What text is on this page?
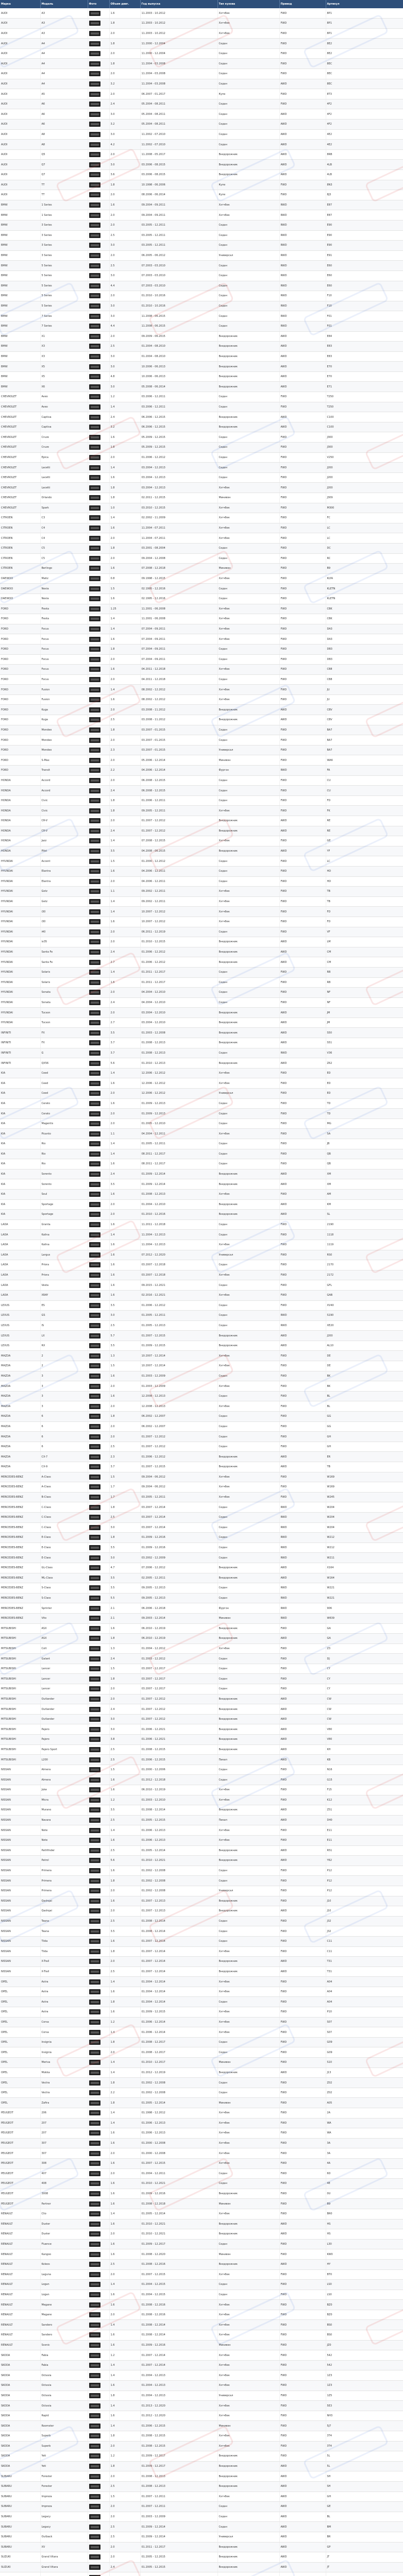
Марка	Модель	Фото	Объем двиг.	Год выпуска	Тип кузова	Привод	Артикул
AUDI	A3		1.6	11.2003 - 10.2012	Хэтчбек	FWD	8P1
AUDI	A3		1.8	11.2003 - 10.2012	Хэтчбек	FWD	8P1
AUDI	A3		2.0	11.2003 - 10.2012	Хэтчбек	FWD	8P1
AUDI	A4		1.8	11.2000 - 12.2004	Седан	FWD	8E2
AUDI	A4		2.0	11.2000 - 12.2004	Седан	FWD	8E2
AUDI	A4		1.8	11.2004 - 03.2008	Седан	FWD	8EC
AUDI	A4		2.0	11.2004 - 03.2008	Седан	FWD	8EC
AUDI	A4		3.2	11.2004 - 03.2008	Седан	AWD	8EC
AUDI	A5		2.0	06.2007 - 01.2017	Купе	FWD	8T3
AUDI	A6		2.4	05.2004 - 08.2011	Седан	FWD	4F2
AUDI	A6		3.0	05.2004 - 08.2011	Седан	AWD	4F2
AUDI	A6		3.2	05.2004 - 08.2011	Седан	AWD	4F2
AUDI	A8		3.0	11.2002 - 07.2010	Седан	AWD	4E2
AUDI	A8		4.2	11.2002 - 07.2010	Седан	AWD	4E2
AUDI	Q5		2.0	11.2008 - 05.2017	Внедорожник	AWD	8RB
AUDI	Q7		3.0	03.2006 - 08.2015	Внедорожник	AWD	4LB
AUDI	Q7		3.6	03.2006 - 08.2015	Внедорожник	AWD	4LB
AUDI	TT		1.8	10.1998 - 06.2006	Купе	FWD	8N3
AUDI	TT		2.0	08.2006 - 06.2014	Купе	FWD	8J3
BMW	1 Series		1.6	09.2004 - 09.2011	Хэтчбек	RWD	E87
BMW	1 Series		2.0	09.2004 - 09.2011	Хэтчбек	RWD	E87
BMW	3 Series		2.0	03.2005 - 12.2011	Седан	RWD	E90
BMW	3 Series		2.5	03.2005 - 12.2011	Седан	RWD	E90
BMW	3 Series		3.0	03.2005 - 12.2011	Седан	RWD	E90
BMW	3 Series		2.0	06.2005 - 06.2012	Универсал	RWD	E91
BMW	5 Series		2.5	07.2003 - 03.2010	Седан	RWD	E60
BMW	5 Series		3.0	07.2003 - 03.2010	Седан	RWD	E60
BMW	5 Series		4.4	07.2003 - 03.2010	Седан	RWD	E60
BMW	5 Series		2.0	01.2010 - 10.2016	Седан	RWD	F10
BMW	5 Series		3.0	01.2010 - 10.2016	Седан	RWD	F10
BMW	7 Series		3.0	11.2008 - 06.2015	Седан	RWD	F01
BMW	7 Series		4.4	11.2008 - 06.2015	Седан	RWD	F01
BMW	X1		2.0	09.2009 - 06.2015	Внедорожник	AWD	E84
BMW	X3		2.5	01.2004 - 08.2010	Внедорожник	AWD	E83
BMW	X3		3.0	01.2004 - 08.2010	Внедорожник	AWD	E83
BMW	X5		3.0	10.2006 - 06.2013	Внедорожник	AWD	E70
BMW	X5		4.8	10.2006 - 06.2013	Внедорожник	AWD	E70
BMW	X6		3.0	05.2008 - 06.2014	Внедорожник	AWD	E71
CHEVROLET	Aveo		1.2	03.2006 - 12.2011	Седан	FWD	T250
CHEVROLET	Aveo		1.4	03.2006 - 12.2011	Седан	FWD	T250
CHEVROLET	Captiva		2.4	06.2006 - 12.2015	Внедорожник	AWD	C100
CHEVROLET	Captiva		3.2	06.2006 - 12.2015	Внедорожник	AWD	C100
CHEVROLET	Cruze		1.6	05.2009 - 12.2015	Седан	FWD	J300
CHEVROLET	Cruze		1.8	05.2009 - 12.2015	Седан	FWD	J300
CHEVROLET	Epica		2.0	01.2006 - 12.2012	Седан	FWD	V250
CHEVROLET	Lacetti		1.4	03.2004 - 12.2013	Седан	FWD	J200
CHEVROLET	Lacetti		1.6	03.2004 - 12.2013	Седан	FWD	J200
CHEVROLET	Lacetti		1.8	03.2004 - 12.2013	Хэтчбек	FWD	J200
CHEVROLET	Orlando		1.8	02.2011 - 12.2015	Минивэн	FWD	J309
CHEVROLET	Spark		1.0	03.2010 - 12.2015	Хэтчбек	FWD	M300
CITROEN	C3		1.4	02.2002 - 11.2009	Хэтчбек	FWD	FC
CITROEN	C4		1.6	11.2004 - 07.2011	Хэтчбек	FWD	LC
CITROEN	C4		2.0	11.2004 - 07.2011	Хэтчбек	FWD	LC
CITROEN	C5		1.8	03.2001 - 08.2004	Седан	FWD	DC
CITROEN	C5		2.0	09.2004 - 12.2008	Седан	FWD	RC
CITROEN	Berlingo		1.6	07.2008 - 12.2018	Минивэн	FWD	B9
DAEWOO	Matiz		0.8	09.1998 - 12.2015	Хэтчбек	FWD	KLYA
DAEWOO	Nexia		1.5	02.1995 - 12.2016	Седан	FWD	KLETN
DAEWOO	Nexia		1.6	02.1995 - 12.2016	Седан	FWD	KLETN
FORD	Fiesta		1.25	11.2001 - 06.2008	Хэтчбек	FWD	CBK
FORD	Fiesta		1.4	11.2001 - 06.2008	Хэтчбек	FWD	CBK
FORD	Focus		1.4	07.2004 - 09.2011	Хэтчбек	FWD	DA3
FORD	Focus		1.6	07.2004 - 09.2011	Хэтчбек	FWD	DA3
FORD	Focus		1.8	07.2004 - 09.2011	Седан	FWD	DB3
FORD	Focus		2.0	07.2004 - 09.2011	Седан	FWD	DB3
FORD	Focus		1.6	04.2011 - 12.2018	Хэтчбек	FWD	CB8
FORD	Focus		2.0	04.2011 - 12.2018	Седан	FWD	CB8
FORD	Fusion		1.4	08.2002 - 12.2012	Хэтчбек	FWD	JU
FORD	Fusion		1.6	08.2002 - 12.2012	Хэтчбек	FWD	JU
FORD	Kuga		2.0	03.2008 - 11.2012	Внедорожник	AWD	CBV
FORD	Kuga		2.5	03.2008 - 11.2012	Внедорожник	AWD	CBV
FORD	Mondeo		1.8	03.2007 - 01.2015	Седан	FWD	BA7
FORD	Mondeo		2.0	03.2007 - 01.2015	Седан	FWD	BA7
FORD	Mondeo		2.3	03.2007 - 01.2015	Универсал	FWD	BA7
FORD	S-Max		2.0	05.2006 - 12.2014	Минивэн	FWD	WA6
FORD	Transit		2.2	04.2006 - 12.2014	Фургон	RWD	FA
HONDA	Accord		2.0	06.2008 - 12.2015	Седан	FWD	CU
HONDA	Accord		2.4	06.2008 - 12.2015	Седан	FWD	CU
HONDA	Civic		1.8	01.2006 - 12.2011	Седан	FWD	FD
HONDA	Civic		1.8	09.2005 - 12.2011	Хэтчбек	FWD	FK
HONDA	CR-V		2.0	01.2007 - 12.2012	Внедорожник	AWD	RE
HONDA	CR-V		2.4	01.2007 - 12.2012	Внедорожник	AWD	RE
HONDA	Jazz		1.4	07.2008 - 12.2015	Хэтчбек	FWD	GE
HONDA	Pilot		3.5	04.2008 - 06.2015	Внедорожник	AWD	YF
HYUNDAI	Accent		1.5	01.2000 - 12.2012	Седан	FWD	LC
HYUNDAI	Elantra		1.6	04.2006 - 12.2011	Седан	FWD	HD
HYUNDAI	Elantra		2.0	04.2006 - 12.2011	Седан	FWD	HD
HYUNDAI	Getz		1.1	09.2002 - 12.2011	Хэтчбек	FWD	TB
HYUNDAI	Getz		1.4	09.2002 - 12.2011	Хэтчбек	FWD	TB
HYUNDAI	i30		1.4	10.2007 - 12.2012	Хэтчбек	FWD	FD
HYUNDAI	i30		1.6	10.2007 - 12.2012	Хэтчбек	FWD	FD
HYUNDAI	i40		2.0	06.2011 - 12.2019	Седан	FWD	VF
HYUNDAI	ix35		2.0	01.2010 - 12.2015	Внедорожник	AWD	LM
HYUNDAI	Santa Fe		2.4	01.2006 - 12.2012	Внедорожник	AWD	CM
HYUNDAI	Santa Fe		2.7	01.2006 - 12.2012	Внедорожник	AWD	CM
HYUNDAI	Solaris		1.4	01.2011 - 12.2017	Седан	FWD	RB
HYUNDAI	Solaris		1.6	01.2011 - 12.2017	Седан	FWD	RB
HYUNDAI	Sonata		2.0	04.2004 - 12.2010	Седан	FWD	NF
HYUNDAI	Sonata		2.4	04.2004 - 12.2010	Седан	FWD	NF
HYUNDAI	Tucson		2.0	03.2004 - 12.2010	Внедорожник	AWD	JM
HYUNDAI	Tucson		2.7	03.2004 - 12.2010	Внедорожник	AWD	JM
INFINITI	FX		3.5	01.2003 - 12.2008	Внедорожник	AWD	S50
INFINITI	FX		3.7	01.2008 - 12.2013	Внедорожник	AWD	S51
INFINITI	G		3.7	01.2008 - 12.2013	Седан	RWD	V36
INFINITI	QX56		5.6	01.2010 - 12.2013	Внедорожник	AWD	Z62
KIA	Ceed		1.4	12.2006 - 12.2012	Хэтчбек	FWD	ED
KIA	Ceed		1.6	12.2006 - 12.2012	Хэтчбек	FWD	ED
KIA	Ceed		2.0	12.2006 - 12.2012	Универсал	FWD	ED
KIA	Cerato		1.6	01.2009 - 12.2013	Седан	FWD	TD
KIA	Cerato		2.0	01.2009 - 12.2013	Седан	FWD	TD
KIA	Magentis		2.0	01.2005 - 12.2010	Седан	FWD	MG
KIA	Picanto		1.1	04.2004 - 12.2011	Хэтчбек	FWD	SA
KIA	Rio		1.4	01.2005 - 12.2011	Седан	FWD	JB
KIA	Rio		1.4	08.2011 - 12.2017	Седан	FWD	QB
KIA	Rio		1.6	08.2011 - 12.2017	Седан	FWD	QB
KIA	Sorento		2.4	01.2009 - 12.2014	Внедорожник	AWD	XM
KIA	Sorento		3.5	01.2009 - 12.2014	Внедорожник	AWD	XM
KIA	Soul		1.6	01.2008 - 12.2013	Хэтчбек	FWD	AM
KIA	Sportage		2.0	01.2004 - 12.2010	Внедорожник	AWD	KM
KIA	Sportage		2.0	01.2010 - 12.2016	Внедорожник	AWD	SL
LADA	Granta		1.6	11.2011 - 12.2018	Седан	FWD	2190
LADA	Kalina		1.4	11.2004 - 12.2013	Седан	FWD	1118
LADA	Kalina		1.6	11.2004 - 12.2013	Хэтчбек	FWD	1119
LADA	Largus		1.6	07.2012 - 12.2020	Универсал	FWD	RS0
LADA	Priora		1.6	03.2007 - 12.2018	Седан	FWD	2170
LADA	Priora		1.6	03.2007 - 12.2018	Хэтчбек	FWD	2172
LADA	Vesta		1.6	09.2015 - 12.2021	Седан	FWD	GFL
LADA	XRAY		1.6	02.2016 - 12.2021	Хэтчбек	FWD	GAB
LEXUS	ES		3.5	01.2006 - 12.2012	Седан	FWD	XV40
LEXUS	GS		3.0	01.2005 - 12.2011	Седан	RWD	S190
LEXUS	IS		2.5	01.2005 - 12.2013	Седан	RWD	XE20
LEXUS	LX		5.7	01.2007 - 12.2015	Внедорожник	AWD	J200
LEXUS	RX		3.5	01.2009 - 12.2015	Внедорожник	AWD	AL10
MAZDA	2		1.3	10.2007 - 12.2014	Хэтчбек	FWD	DE
MAZDA	2		1.5	10.2007 - 12.2014	Хэтчбек	FWD	DE
MAZDA	3		1.6	01.2003 - 12.2009	Седан	FWD	BK
MAZDA	3		2.0	01.2003 - 12.2009	Хэтчбек	FWD	BK
MAZDA	3		1.6	12.2008 - 12.2013	Седан	FWD	BL
MAZDA	3		2.0	12.2008 - 12.2013	Хэтчбек	FWD	BL
MAZDA	6		1.8	06.2002 - 12.2007	Седан	FWD	GG
MAZDA	6		2.0	06.2002 - 12.2007	Седан	FWD	GG
MAZDA	6		2.0	01.2007 - 12.2012	Седан	FWD	GH
MAZDA	6		2.5	01.2007 - 12.2012	Седан	FWD	GH
MAZDA	CX-7		2.3	01.2006 - 12.2012	Внедорожник	AWD	ER
MAZDA	CX-9		3.7	01.2007 - 12.2015	Внедорожник	AWD	TB
MERCEDES-BENZ	A-Class		1.5	09.2004 - 06.2012	Хэтчбек	FWD	W169
MERCEDES-BENZ	A-Class		1.7	09.2004 - 06.2012	Хэтчбек	FWD	W169
MERCEDES-BENZ	B-Class		1.7	03.2005 - 12.2011	Хэтчбек	FWD	W245
MERCEDES-BENZ	C-Class		1.8	03.2007 - 12.2014	Седан	RWD	W204
MERCEDES-BENZ	C-Class		2.5	03.2007 - 12.2014	Седан	RWD	W204
MERCEDES-BENZ	C-Class		3.0	03.2007 - 12.2014	Седан	RWD	W204
MERCEDES-BENZ	E-Class		1.8	01.2009 - 12.2016	Седан	RWD	W212
MERCEDES-BENZ	E-Class		3.5	01.2009 - 12.2016	Седан	RWD	W212
MERCEDES-BENZ	E-Class		3.0	03.2002 - 12.2009	Седан	RWD	W211
MERCEDES-BENZ	GL-Class		4.7	07.2006 - 12.2012	Внедорожник	AWD	X164
MERCEDES-BENZ	ML-Class		3.5	02.2005 - 12.2011	Внедорожник	AWD	W164
MERCEDES-BENZ	S-Class		3.5	09.2005 - 12.2013	Седан	RWD	W221
MERCEDES-BENZ	S-Class		5.5	09.2005 - 12.2013	Седан	RWD	W221
MERCEDES-BENZ	Sprinter		2.1	06.2006 - 12.2018	Фургон	RWD	906
MERCEDES-BENZ	Vito		2.1	09.2003 - 12.2014	Минивэн	RWD	W639
MITSUBISHI	ASX		1.6	06.2010 - 12.2019	Внедорожник	FWD	GA
MITSUBISHI	ASX		1.8	06.2010 - 12.2019	Внедорожник	AWD	GA
MITSUBISHI	Colt		1.3	01.2004 - 12.2012	Хэтчбек	FWD	Z3
MITSUBISHI	Galant		2.4	01.2003 - 12.2012	Седан	FWD	DJ
MITSUBISHI	Lancer		1.5	03.2007 - 12.2017	Седан	FWD	CY
MITSUBISHI	Lancer		1.8	03.2007 - 12.2017	Седан	FWD	CY
MITSUBISHI	Lancer		2.0	03.2007 - 12.2017	Седан	FWD	CY
MITSUBISHI	Outlander		2.0	01.2007 - 12.2012	Внедорожник	AWD	CW
MITSUBISHI	Outlander		2.4	01.2007 - 12.2012	Внедорожник	AWD	CW
MITSUBISHI	Outlander		3.0	01.2007 - 12.2012	Внедорожник	AWD	CW
MITSUBISHI	Pajero		3.0	01.2006 - 12.2021	Внедорожник	AWD	V80
MITSUBISHI	Pajero		3.8	01.2006 - 12.2021	Внедорожник	AWD	V80
MITSUBISHI	Pajero Sport		2.5	01.2008 - 12.2015	Внедорожник	AWD	KH
MITSUBISHI	L200		2.5	01.2006 - 12.2015	Пикап	AWD	KB
NISSAN	Almera		1.5	01.2000 - 12.2006	Седан	FWD	N16
NISSAN	Almera		1.6	01.2012 - 12.2018	Седан	FWD	G15
NISSAN	Juke		1.6	06.2010 - 12.2019	Хэтчбек	FWD	F15
NISSAN	Micra		1.2	01.2003 - 12.2010	Хэтчбек	FWD	K12
NISSAN	Murano		3.5	01.2008 - 12.2014	Внедорожник	AWD	Z51
NISSAN	Navara		2.5	01.2005 - 12.2015	Пикап	AWD	D40
NISSAN	Note		1.4	01.2006 - 12.2013	Хэтчбек	FWD	E11
NISSAN	Note		1.6	01.2006 - 12.2013	Хэтчбек	FWD	E11
NISSAN	Pathfinder		2.5	01.2005 - 12.2014	Внедорожник	AWD	R51
NISSAN	Patrol		5.6	01.2010 - 12.2021	Внедорожник	AWD	Y62
NISSAN	Primera		1.6	01.2002 - 12.2008	Седан	FWD	P12
NISSAN	Primera		1.8	01.2002 - 12.2008	Седан	FWD	P12
NISSAN	Primera		2.0	01.2002 - 12.2008	Универсал	FWD	P12
NISSAN	Qashqai		1.6	01.2007 - 12.2013	Внедорожник	FWD	J10
NISSAN	Qashqai		2.0	01.2007 - 12.2013	Внедорожник	AWD	J10
NISSAN	Teana		2.5	01.2008 - 12.2014	Седан	FWD	J32
NISSAN	Teana		3.5	01.2008 - 12.2014	Седан	FWD	J32
NISSAN	Tiida		1.6	01.2007 - 12.2014	Седан	FWD	C11
NISSAN	Tiida		1.8	01.2007 - 12.2014	Хэтчбек	FWD	C11
NISSAN	X-Trail		2.0	01.2007 - 12.2014	Внедорожник	AWD	T31
NISSAN	X-Trail		2.5	01.2007 - 12.2014	Внедорожник	AWD	T31
OPEL	Astra		1.4	01.2004 - 12.2014	Хэтчбек	FWD	A04
OPEL	Astra		1.6	01.2004 - 12.2014	Хэтчбек	FWD	A04
OPEL	Astra		1.8	01.2004 - 12.2014	Седан	FWD	A04
OPEL	Astra		1.6	01.2009 - 12.2015	Хэтчбек	FWD	P10
OPEL	Corsa		1.2	01.2006 - 12.2014	Хэтчбек	FWD	S07
OPEL	Corsa		1.4	01.2006 - 12.2014	Хэтчбек	FWD	S07
OPEL	Insignia		1.8	01.2008 - 12.2017	Седан	FWD	G09
OPEL	Insignia		2.0	01.2008 - 12.2017	Седан	FWD	G09
OPEL	Meriva		1.4	01.2010 - 12.2017	Минивэн	FWD	S10
OPEL	Mokka		1.4	01.2012 - 12.2019	Внедорожник	AWD	J13
OPEL	Vectra		1.8	01.2002 - 12.2008	Седан	FWD	Z02
OPEL	Vectra		2.2	01.2002 - 12.2008	Седан	FWD	Z02
OPEL	Zafira		1.8	01.2005 - 12.2014	Минивэн	FWD	A05
PEUGEOT	206		1.4	01.1998 - 12.2012	Хэтчбек	FWD	2A
PEUGEOT	207		1.4	01.2006 - 12.2013	Хэтчбек	FWD	WA
PEUGEOT	207		1.6	01.2006 - 12.2013	Хэтчбек	FWD	WA
PEUGEOT	307		1.6	01.2000 - 12.2008	Хэтчбек	FWD	3A
PEUGEOT	307		2.0	01.2000 - 12.2008	Хэтчбек	FWD	3A
PEUGEOT	308		1.6	01.2007 - 12.2015	Хэтчбек	FWD	4A
PEUGEOT	407		2.0	01.2004 - 12.2011	Седан	FWD	6D
PEUGEOT	408		1.6	01.2010 - 12.2021	Седан	FWD	4E
PEUGEOT	3008		1.6	01.2009 - 12.2016	Внедорожник	FWD	0U
PEUGEOT	Partner		1.6	01.2008 - 12.2018	Минивэн	FWD	B9
RENAULT	Clio		1.4	01.2005 - 12.2014	Хэтчбек	FWD	BR0
RENAULT	Duster		1.6	01.2010 - 12.2021	Внедорожник	AWD	HS
RENAULT	Duster		2.0	01.2010 - 12.2021	Внедорожник	AWD	HS
RENAULT	Fluence		1.6	01.2009 - 12.2017	Седан	FWD	L30
RENAULT	Kangoo		1.6	01.2008 - 12.2020	Минивэн	FWD	KW0
RENAULT	Koleos		2.5	01.2008 - 12.2016	Внедорожник	AWD	HY
RENAULT	Laguna		2.0	01.2007 - 12.2015	Хэтчбек	FWD	BT0
RENAULT	Logan		1.4	01.2004 - 12.2015	Седан	FWD	LS0
RENAULT	Logan		1.6	01.2004 - 12.2015	Седан	FWD	LS0
RENAULT	Megane		1.6	01.2008 - 12.2016	Хэтчбек	FWD	BZ0
RENAULT	Megane		2.0	01.2008 - 12.2016	Хэтчбек	FWD	BZ0
RENAULT	Sandero		1.4	01.2008 - 12.2014	Хэтчбек	FWD	BS0
RENAULT	Sandero		1.6	01.2008 - 12.2014	Хэтчбек	FWD	BS0
RENAULT	Scenic		1.6	01.2009 - 12.2016	Минивэн	FWD	JZ0
SKODA	Fabia		1.2	01.2007 - 12.2014	Хэтчбек	FWD	542
SKODA	Fabia		1.4	01.2007 - 12.2014	Хэтчбек	FWD	542
SKODA	Octavia		1.4	01.2004 - 12.2013	Хэтчбек	FWD	1Z3
SKODA	Octavia		1.6	01.2004 - 12.2013	Хэтчбек	FWD	1Z3
SKODA	Octavia		1.8	01.2004 - 12.2013	Универсал	FWD	1Z5
SKODA	Octavia		1.4	01.2013 - 12.2020	Хэтчбек	FWD	5E3
SKODA	Rapid		1.6	01.2012 - 12.2020	Хэтчбек	FWD	NH3
SKODA	Roomster		1.4	01.2006 - 12.2015	Минивэн	FWD	5J7
SKODA	Superb		1.8	01.2008 - 12.2015	Хэтчбек	FWD	3T4
SKODA	Superb		2.0	01.2008 - 12.2015	Хэтчбек	FWD	3T4
SKODA	Yeti		1.2	01.2009 - 12.2017	Внедорожник	FWD	5L
SKODA	Yeti		1.8	01.2009 - 12.2017	Внедорожник	AWD	5L
SUBARU	Forester		2.0	01.2008 - 12.2013	Внедорожник	AWD	SH
SUBARU	Forester		2.5	01.2008 - 12.2013	Внедорожник	AWD	SH
SUBARU	Impreza		1.5	01.2007 - 12.2011	Хэтчбек	AWD	GH
SUBARU	Impreza		2.0	01.2007 - 12.2011	Седан	AWD	GE
SUBARU	Legacy		2.0	01.2003 - 12.2009	Седан	AWD	BL
SUBARU	Legacy		2.5	01.2009 - 12.2014	Седан	AWD	BM
SUBARU	Outback		2.5	01.2009 - 12.2014	Универсал	AWD	BR
SUBARU	XV		2.0	01.2011 - 12.2017	Внедорожник	AWD	GP
SUZUKI	Grand Vitara		2.0	01.2005 - 12.2015	Внедорожник	AWD	JT
SUZUKI	Grand Vitara		2.4	01.2005 - 12.2015	Внедорожник	AWD	JT
